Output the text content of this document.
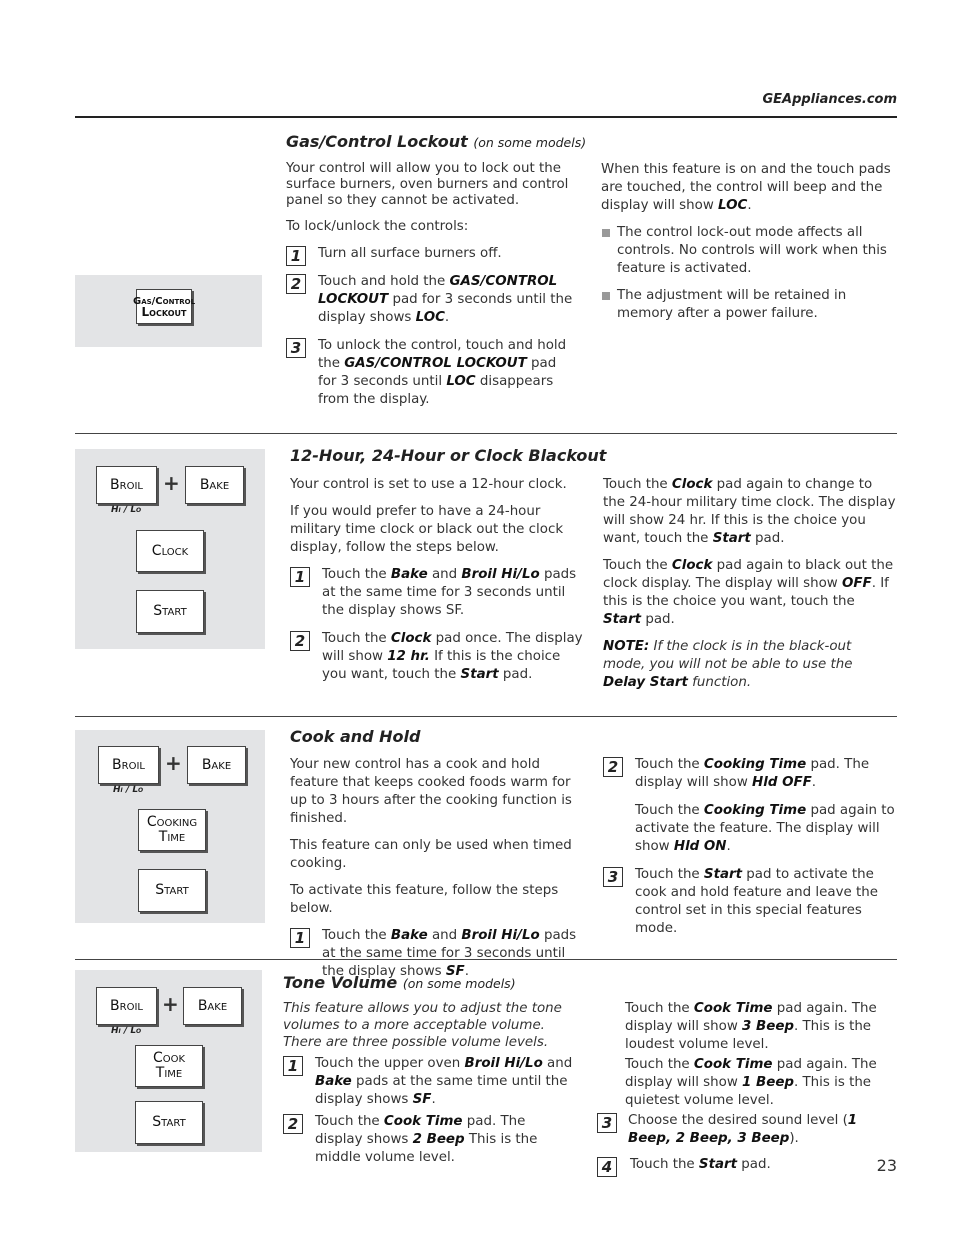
GEAppliances.com
Gas/Control
Lockout
Gas/Control Lockout (on some models)

Your control will allow you to lock out the surface burners, oven burners and control panel so they cannot be activated.

To lock/unlock the controls:

1	Turn all surface burners off.
2	Touch and hold the GAS/CONTROL LOCKOUT pad for 3 seconds until the display shows LOC.
3	To unlock the control, touch and hold the GAS/CONTROL LOCKOUT pad for 3 seconds until LOC disappears from the display.

When this feature is on and the touch pads are touched, the control will beep and the display will show LOC.

The control lock-out mode affects all controls. No controls will work when this feature is activated.
The adjustment will be retained in memory after a power failure.
Broil	+	Bake
Hi / Lo
Clock
Start
12-Hour, 24-Hour or Clock Blackout

Your control is set to use a 12-hour clock.

If you would prefer to have a 24-hour military time clock or black out the clock display, follow the steps below.

1	Touch the Bake and Broil Hi/Lo pads at the same time for 3 seconds until the display shows SF.
2	Touch the Clock pad once. The display will show 12 hr. If this is the choice you want, touch the Start pad.

Touch the Clock pad again to change to the 24-hour military time clock. The display will show 24 hr. If this is the choice you want, touch the Start pad.

Touch the Clock pad again to black out the clock display. The display will show OFF. If this is the choice you want, touch the Start pad.

NOTE: If the clock is in the black-out mode, you will not be able to use the Delay Start function.

Broil	+	Bake
Hi / Lo
Cooking
Time
Start
Cook and Hold

Your new control has a cook and hold feature that keeps cooked foods warm for up to 3 hours after the cooking function is finished.

This feature can only be used when timed cooking.

To activate this feature, follow the steps below.

1	Touch the Bake and Broil Hi/Lo pads at the same time for 3 seconds until the display shows SF.
2	Touch the Cooking Time pad. The display will show Hld OFF.
Touch the Cooking Time pad again to activate the feature. The display will show Hld ON.
3	Touch the Start pad to activate the cook and hold feature and leave the control set in this special features mode.
Broil +	Bake
Hi / Lo
Cook
Time
Start
Tone Volume (on some models)

This feature allows you to adjust the tone volumes to a more acceptable volume. There are three possible volume levels.

1	Touch the upper oven Broil Hi/Lo and Bake pads at the same time until the display shows SF.
2	Touch the Cook Time pad. The display shows 2 Beep This is the middle volume level.

Touch the Cook Time pad again. The display will show 3 Beep. This is the loudest volume level.

Touch the Cook Time pad again. The display will show 1 Beep. This is the quietest volume level.

3	Choose the desired sound level (1 Beep, 2 Beep, 3 Beep).
4	Touch the Start pad.	23
